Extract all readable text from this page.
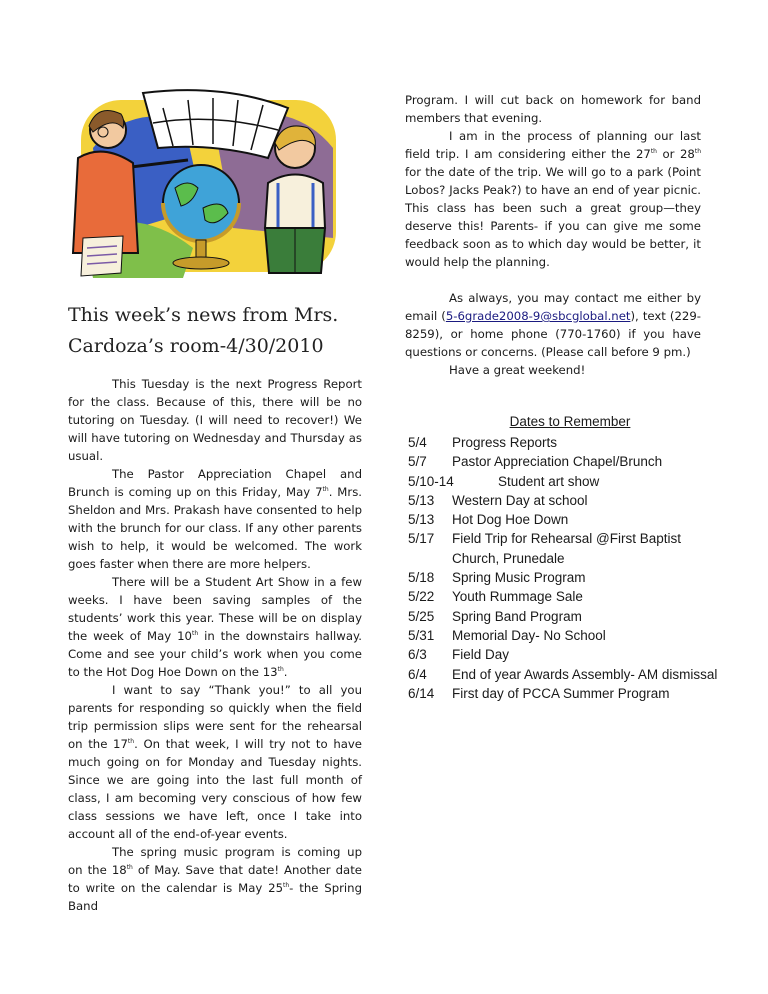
This week’s news from Mrs.
Cardoza’s room-4/30/2010

This Tuesday is the next Progress Report for the class. Because of this, there will be no tutoring on Tuesday. (I will need to recover!) We will have tutoring on Wednesday and Thursday as usual.

The Pastor Appreciation Chapel and Brunch is coming up on this Friday, May 7th. Mrs. Sheldon and Mrs. Prakash have consented to help with the brunch for our class. If any other parents wish to help, it would be welcomed. The work goes faster when there are more helpers.

There will be a Student Art Show in a few weeks. I have been saving samples of the students’ work this year. These will be on display the week of May 10th in the downstairs hallway. Come and see your child’s work when you come to the Hot Dog Hoe Down on the 13th.

I want to say “Thank you!” to all you parents for responding so quickly when the field trip permission slips were sent for the rehearsal on the 17th. On that week, I will try not to have much going on for Monday and Tuesday nights. Since we are going into the last full month of class, I am becoming very conscious of how few class sessions we have left, once I take into account all of the end-of-year events.

The spring music program is coming up on the 18th of May. Save that date! Another date to write on the calendar is May 25th- the Spring Band

Program. I will cut back on homework for band members that evening.

I am in the process of planning our last field trip. I am considering either the 27th or 28th for the date of the trip. We will go to a park (Point Lobos? Jacks Peak?) to have an end of year picnic. This class has been such a great group—they deserve this! Parents- if you can give me some feedback soon as to which day would be better, it would help the planning.

As always, you may contact me either by email (5-6grade2008-9@sbcglobal.net), text (229-8259), or home phone (770-1760) if you have questions or concerns. (Please call before 9 pm.)

Have a great weekend!

Dates to Remember
5/4	Progress Reports
5/7	Pastor Appreciation Chapel/Brunch
5/10-14	Student art show
5/13	Western Day at school
5/13	Hot Dog Hoe Down
5/17	Field Trip for Rehearsal @First Baptist Church, Prunedale
5/18	Spring Music Program
5/22	Youth Rummage Sale
5/25	Spring Band Program
5/31	Memorial Day- No School
6/3	Field Day
6/4	End of year Awards Assembly- AM dismissal
6/14	First day of PCCA Summer Program
